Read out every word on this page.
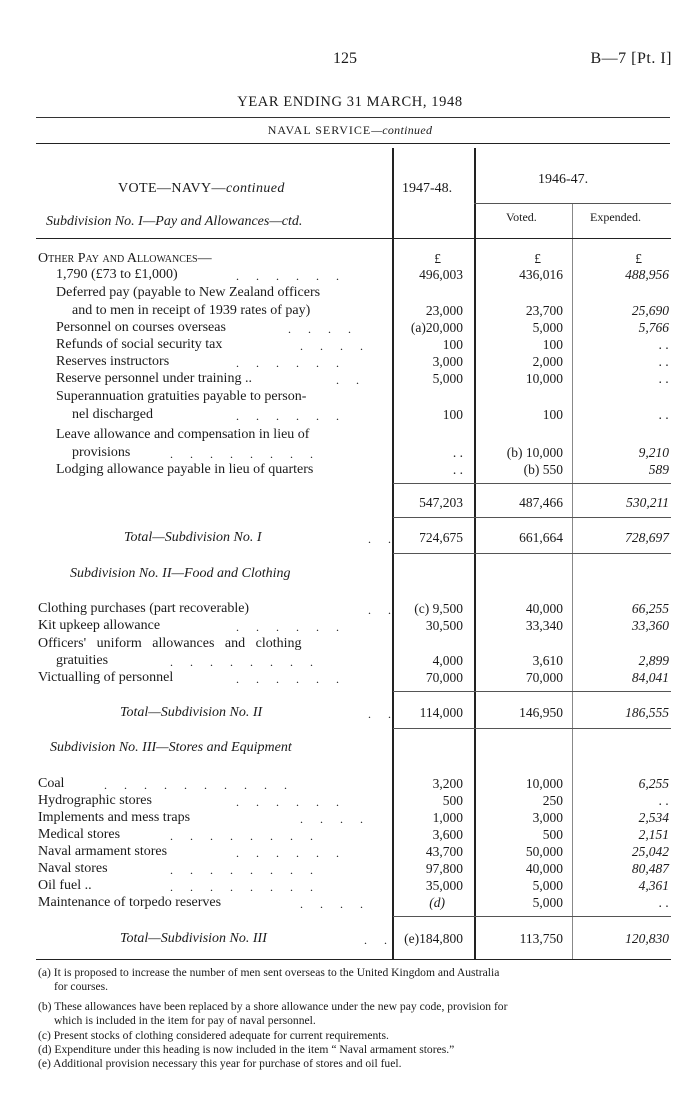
125	B—7 [Pt. I]
YEAR ENDING 31 MARCH, 1948
NAVAL SERVICE—continued
VOTE—NAVY—continued
Subdivision No. I—Pay and Allowances—ctd.
1947-48.
1946-47.
Voted.	Expended.
£	£	£
Other Pay and Allowances—
1,790 (£73 to £1,000)	. . . . . .	496,003	436,016	488,956
Deferred pay (payable to New Zealand officers
and to men in receipt of 1939 rates of pay)	23,000	23,700	25,690
Personnel on courses overseas	. . . .	(a)20,000	5,000	5,766
Refunds of social security tax	. . . .	100	100	. .
Reserves instructors	. . . . . .	3,000	2,000	. .
Reserve personnel under training ..	. .	5,000	10,000	. .
Superannuation gratuities payable to person-
nel discharged	. . . . . .	100	100	. .
Leave allowance and compensation in lieu of
provisions	. . . . . . . .	. .	(b) 10,000	9,210
Lodging allowance payable in lieu of quarters	. .	(b) 550	589
547,203	487,466	530,211
Total—Subdivision No. I	. . 724,675	661,664	728,697
Subdivision No. II—Food and Clothing
Clothing purchases (part recoverable)	. . (c) 9,500	40,000	66,255
Kit upkeep allowance	. . . . . .	30,500	33,340	33,360
Officers'   uniform   allowances   and   clothing
gratuities	. . . . . . . .	4,000	3,610	2,899
Victualling of personnel	. . . . . .	70,000	70,000	84,041
Total—Subdivision No. II	. . 114,000	146,950	186,555
Subdivision No. III—Stores and Equipment
Coal	. . . . . . . . . .	3,200	10,000	6,255
Hydrographic stores	. . . . . .	500	250	. .
Implements and mess traps	. . . .	1,000	3,000	2,534
Medical stores	. . . . . . . .	3,600	500	2,151
Naval armament stores	. . . . . .	43,700	50,000	25,042
Naval stores	. . . . . . . .	97,800	40,000	80,487
Oil fuel ..	. . . . . . . .	35,000	5,000	4,361
Maintenance of torpedo reserves	. . . .	(d)	5,000	. .
Total—Subdivision No. III	. . (e)184,800	113,750	120,830
(a) It is proposed to increase the number of men sent overseas to the United Kingdom and Australia
for courses.
(b) These allowances have been replaced by a shore allowance under the new pay code, provision for
which is included in the item for pay of naval personnel.
(c) Present stocks of clothing considered adequate for current requirements.
(d) Expenditure under this heading is now included in the item “ Naval armament stores.”
(e) Additional provision necessary this year for purchase of stores and oil fuel.
